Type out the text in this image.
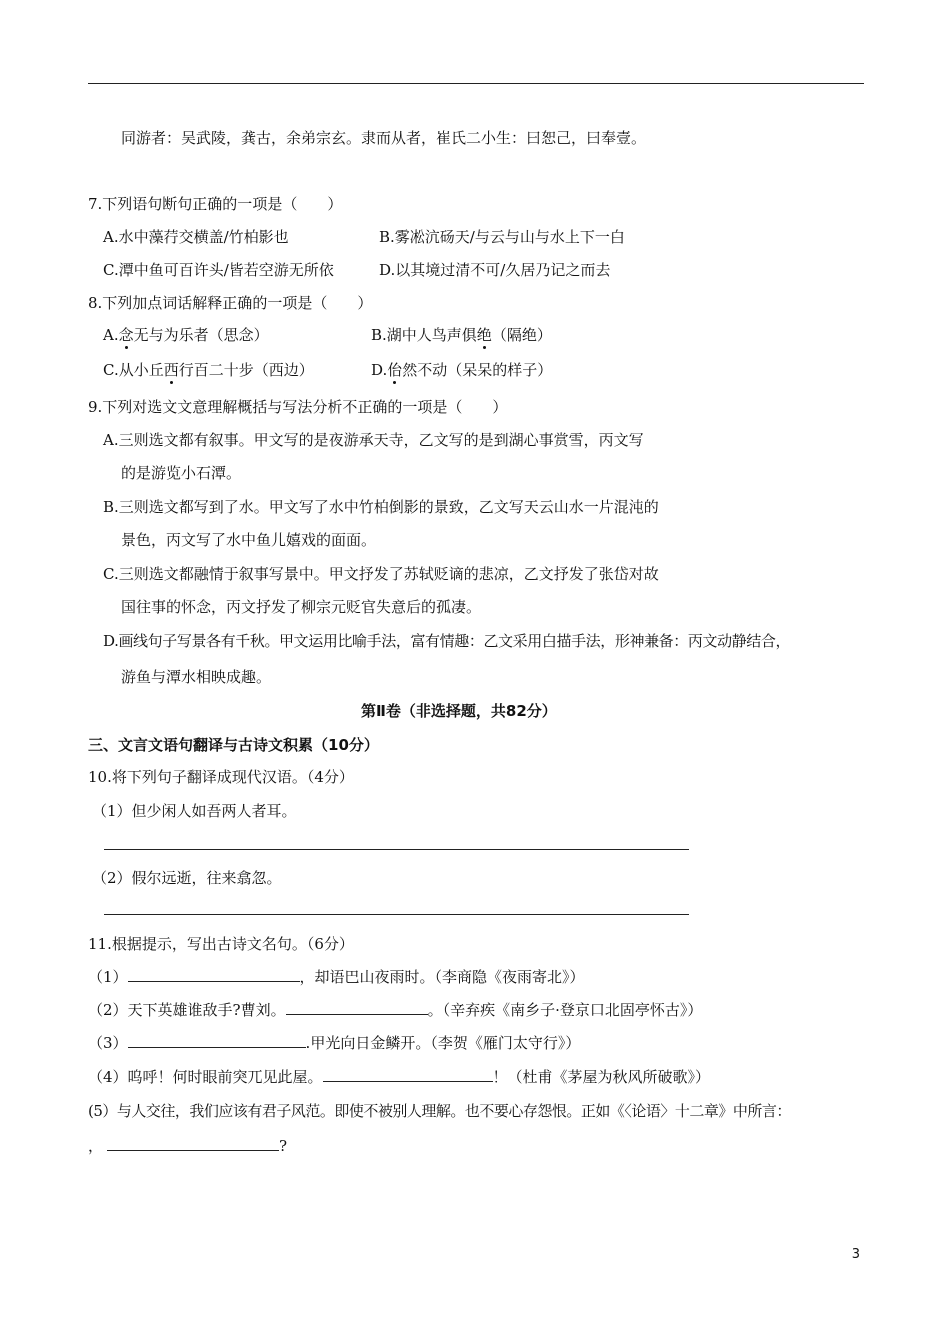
同游者：吴武陵，龚古，余弟宗玄。隶而从者，崔氏二小生：曰恕己，曰奉壹。
7.下列语句断句正确的一项是（　　）
A.水中藻荇交横盖/竹柏影也	B.雾凇沆砀天/与云与山与水上下一白
C.潭中鱼可百许头/皆若空游无所依	D.以其境过清不可/久居乃记之而去
8.下列加点词话解释正确的一项是（　　）
A.念无与为乐者（思念）	B.湖中人鸟声俱绝（隔绝）
C.从小丘西行百二十步（西边）	D.佁然不动（呆呆的样子）
9.下列对选文文意理解概括与写法分析不正确的一项是（　　）
A.三则选文都有叙事。甲文写的是夜游承天寺，乙文写的是到湖心事赏雪，丙文写
的是游览小石潭。
B.三则选文都写到了水。甲文写了水中竹柏倒影的景致，乙文写天云山水一片混沌的
景色，丙文写了水中鱼儿嬉戏的面面。
C.三则选文都融情于叙事写景中。甲文抒发了苏轼贬谪的悲凉，乙文抒发了张岱对故
国往事的怀念，丙文抒发了柳宗元贬官失意后的孤凄。
D.画线句子写景各有千秋。甲文运用比喻手法，富有情趣：乙文采用白描手法，形神兼备：丙文动静结合，
游鱼与潭水相映成趣。
第Ⅱ卷（非选择题，共82分）
三、文言文语句翻译与古诗文积累（10分）
10.将下列句子翻译成现代汉语。（4分）
（1）但少闲人如吾两人者耳。
（2）假尔远逝，往来翕忽。
11.根据提示，写出古诗文名句。（6分）
（1）	，却语巴山夜雨时。（李商隐《夜雨寄北》）
（2）天下英雄谁敌手?曹刘。	。（辛弃疾《南乡子·登京口北固亭怀古》）
（3）	.甲光向日金鳞开。（李贺《雁门太守行》）
（4）呜呼！何时眼前突兀见此屋。	！（杜甫《茅屋为秋风所破歌》）
(5）与人交往，我们应该有君子风范。即使不被别人理解。也不要心存怨恨。正如《〈论语〉十二章》中所言：
，	?
3
